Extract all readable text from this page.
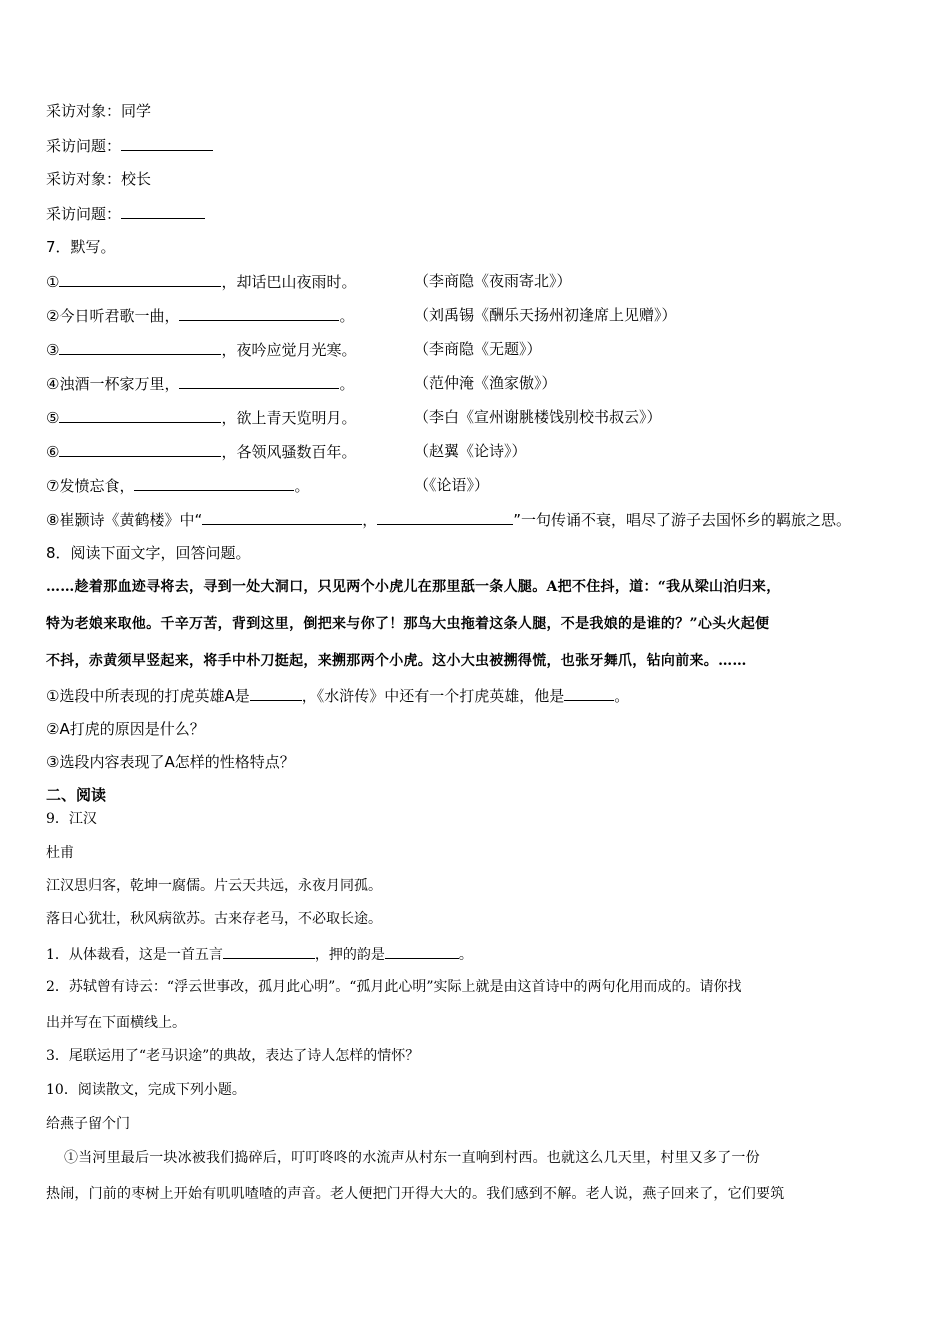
采访对象：同学
采访问题：
采访对象：校长
采访问题：
7．默写。
①	，却话巴山夜雨时。	（李商隐《夜雨寄北》）
②今日听君歌一曲，	。	（刘禹锡《酬乐天扬州初逢席上见赠》）
③	，夜吟应觉月光寒。	（李商隐《无题》）
④浊酒一杯家万里，	。	（范仲淹《渔家傲》）
⑤	，欲上青天览明月。	（李白《宣州谢脁楼饯别校书叔云》）
⑥	，各领风骚数百年。	（赵翼《论诗》）
⑦发愤忘食，	。	（《论语》）
⑧崔颢诗《黄鹤楼》中“	，	”一句传诵不衰，唱尽了游子去国怀乡的羁旅之思。
8．阅读下面文字，回答问题。
……趁着那血迹寻将去，寻到一处大洞口，只见两个小虎儿在那里舐一条人腿。A把不住抖，道：“我从梁山泊归来，
特为老娘来取他。千辛万苦，背到这里，倒把来与你了！那鸟大虫拖着这条人腿，不是我娘的是谁的？”心头火起便
不抖，赤黄须早竖起来，将手中朴刀挺起，来搠那两个小虎。这小大虫被搠得慌，也张牙舞爪，钻向前来。……
①选段中所表现的打虎英雄A是	，《水浒传》中还有一个打虎英雄，他是	。
②A打虎的原因是什么？
③选段内容表现了A怎样的性格特点？
二、阅读
9．江汉
杜甫
江汉思归客，乾坤一腐儒。片云天共远，永夜月同孤。
落日心犹壮，秋风病欲苏。古来存老马，不必取长途。
1．从体裁看，这是一首五言	，押的韵是	。
2．苏轼曾有诗云：“浮云世事改，孤月此心明”。“孤月此心明”实际上就是由这首诗中的两句化用而成的。请你找
出并写在下面横线上。
3．尾联运用了“老马识途”的典故，表达了诗人怎样的情怀？
10．阅读散文，完成下列小题。
给燕子留个门
①当河里最后一块冰被我们捣碎后，叮叮咚咚的水流声从村东一直响到村西。也就这么几天里，村里又多了一份
热闹，门前的枣树上开始有叽叽喳喳的声音。老人便把门开得大大的。我们感到不解。老人说，燕子回来了，它们要筑
